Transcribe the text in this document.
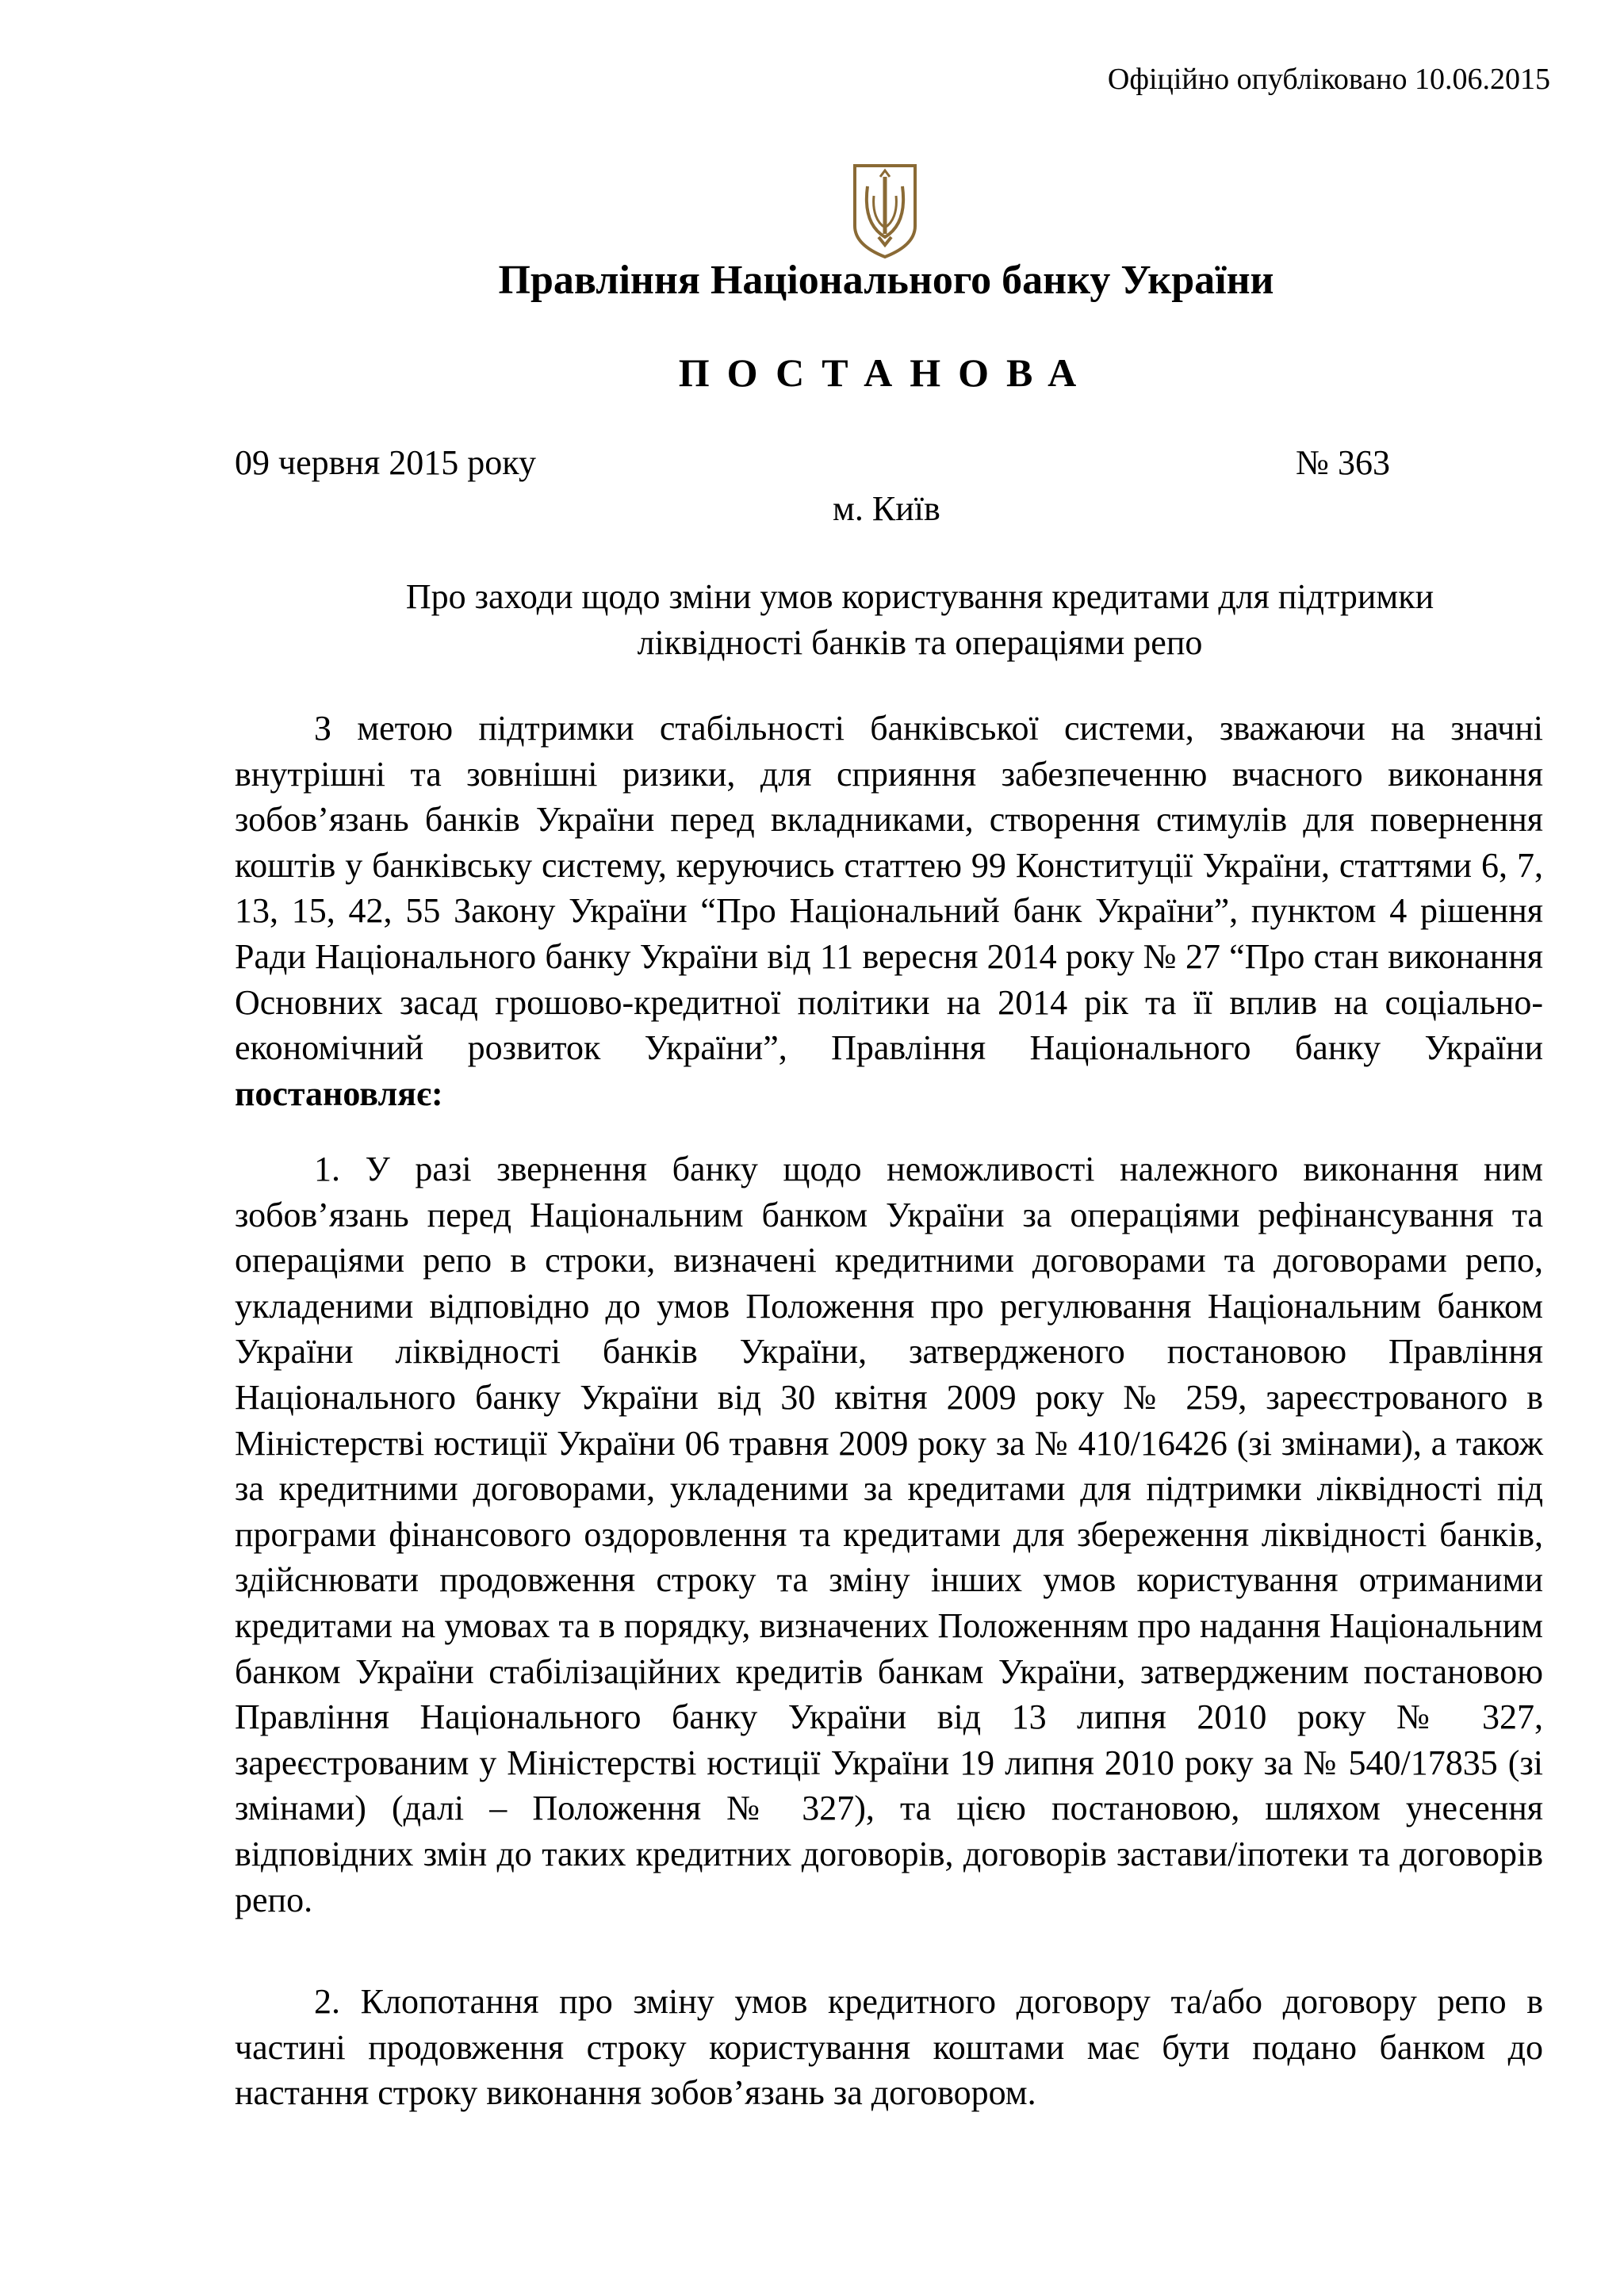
Офіційно опубліковано 10.06.2015
Правління Національного банку України
ПОСТАНОВА
09 червня 2015 року	№ 363
м. Київ
Про заходи щодо зміни умов користування кредитами для підтримки ліквідності банків та операціями репо

З метою підтримки стабільності банківської системи, зважаючи на значні внутрішні та зовнішні ризики, для сприяння забезпеченню вчасного виконання зобов’язань банків України перед вкладниками, створення стимулів для повернення коштів у банківську систему, керуючись статтею 99 Конституції України, статтями 6, 7, 13, 15, 42, 55 Закону України “Про Національний банк України”, пунктом 4 рішення Ради Національного банку України від 11 вересня 2014 року № 27 “Про стан виконання Основних засад грошово-кредитної політики на 2014 рік та її вплив на соціально-економічний розвиток України”, Правління Національного банку України постановляє:

1. У разі звернення банку щодо неможливості належного виконання ним зобов’язань перед Національним банком України за операціями рефінансування та операціями репо в строки, визначені кредитними договорами та договорами репо, укладеними відповідно до умов Положення про регулювання Національним банком України ліквідності банків України, затвердженого постановою Правління Національного банку України від 30 квітня 2009 року № 259, зареєстрованого в Міністерстві юстиції України 06 травня 2009 року за № 410/16426 (зі змінами), а також за кредитними договорами, укладеними за кредитами для підтримки ліквідності під програми фінансового оздоровлення та кредитами для збереження ліквідності банків, здійснювати продовження строку та зміну інших умов користування отриманими кредитами на умовах та в порядку, визначених Положенням про надання Національним банком України стабілізаційних кредитів банкам України, затвердженим постановою Правління Національного банку України від 13 липня 2010 року № 327, зареєстрованим у Міністерстві юстиції України 19 липня 2010 року за № 540/17835 (зі змінами) (далі – Положення № 327), та цією постановою, шляхом унесення відповідних змін до таких кредитних договорів, договорів застави/іпотеки та договорів репо.

2. Клопотання про зміну умов кредитного договору та/або договору репо в частині продовження строку користування коштами має бути подано банком до настання строку виконання зобов’язань за договором.
